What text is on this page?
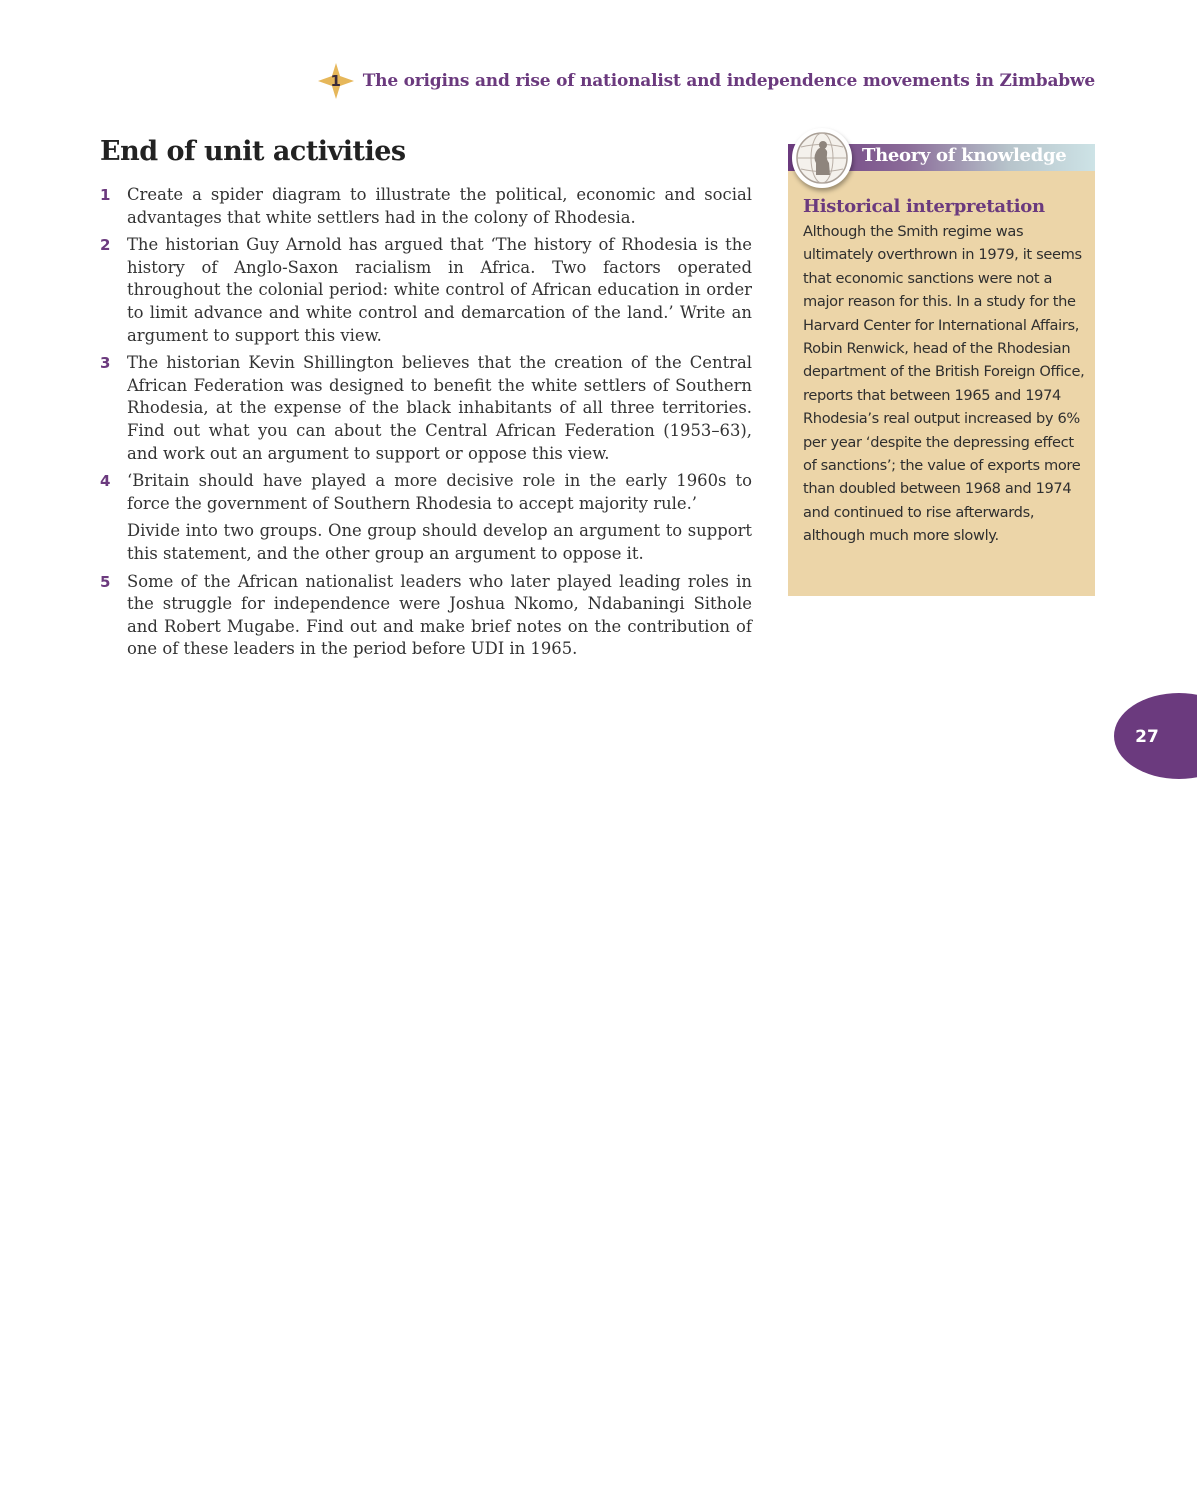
1	The origins and rise of nationalist and independence movements in Zimbabwe
End of unit activities
1	Create a spider diagram to illustrate the political, economic and social advantages that white settlers had in the colony of Rhodesia.

2	The historian Guy Arnold has argued that ‘The history of Rhodesia is the history of Anglo-Saxon racialism in Africa. Two factors operated throughout the colonial period: white control of African education in order to limit advance and white control and demarcation of the land.’ Write an argument to support this view.

3	The historian Kevin Shillington believes that the creation of the Central African Federation was designed to benefit the white settlers of Southern Rhodesia, at the expense of the black inhabitants of all three territories. Find out what you can about the Central African Federation (1953–63), and work out an argument to support or oppose this view.

4	‘Britain should have played a more decisive role in the early 1960s to force the government of Southern Rhodesia to accept majority rule.’

Divide into two groups. One group should develop an argument to support this statement, and the other group an argument to oppose it.

5	Some of the African nationalist leaders who later played leading roles in the struggle for independence were Joshua Nkomo, Ndabaningi Sithole and Robert Mugabe. Find out and make brief notes on the contribution of one of these leaders in the period before UDI in 1965.

Theory of knowledge
Historical interpretation

Although the Smith regime was ultimately overthrown in 1979, it seems that economic sanctions were not a major reason for this. In a study for the Harvard Center for International Affairs, Robin Renwick, head of the Rhodesian department of the British Foreign Office, reports that between 1965 and 1974 Rhodesia’s real output increased by 6% per year ‘despite the depressing effect of sanctions’; the value of exports more than doubled between 1968 and 1974 and continued to rise afterwards, although much more slowly.

27
